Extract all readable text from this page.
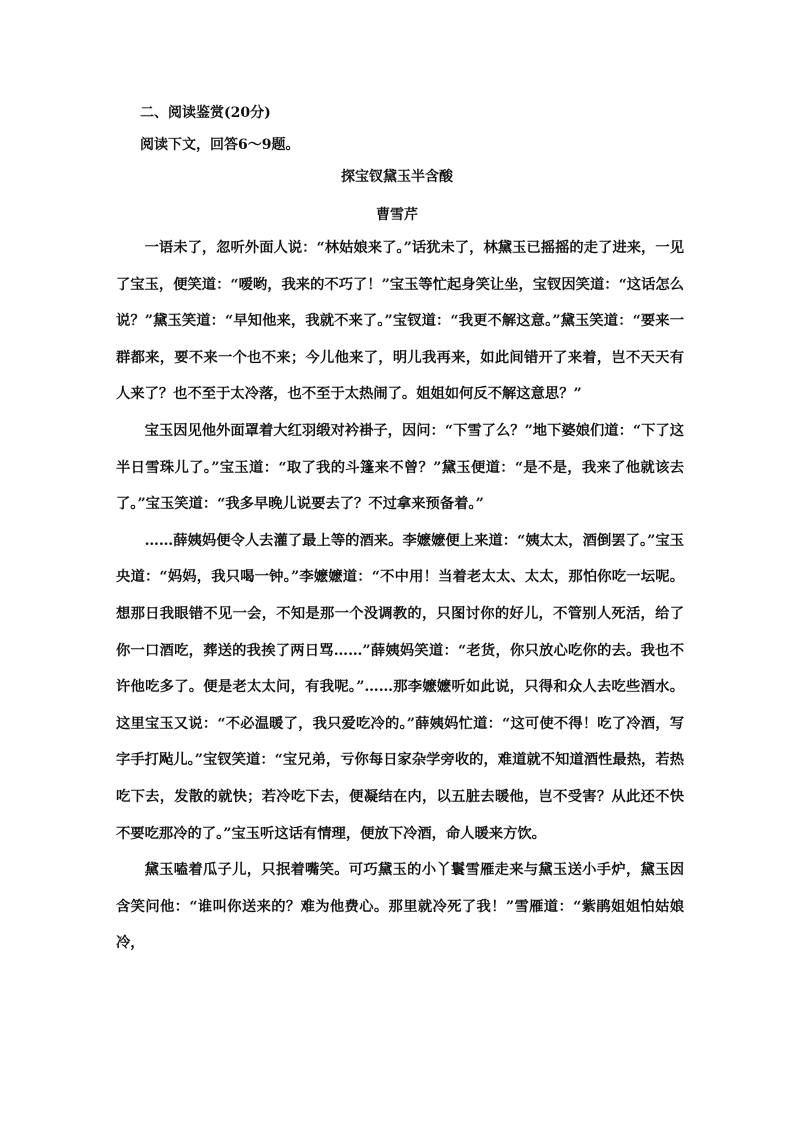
二、阅读鉴赏(20分)
阅读下文，回答6～9题。
探宝钗黛玉半含酸
曹雪芹

一语未了，忽听外面人说：“林姑娘来了。”话犹未了，林黛玉已摇摇的走了进来，一见了宝玉，便笑道：“嗳哟，我来的不巧了！”宝玉等忙起身笑让坐，宝钗因笑道：“这话怎么说？”黛玉笑道：“早知他来，我就不来了。”宝钗道：“我更不解这意。”黛玉笑道：“要来一群都来，要不来一个也不来；今儿他来了，明儿我再来，如此间错开了来着，岂不天天有人来了？也不至于太冷落，也不至于太热闹了。姐姐如何反不解这意思？”

宝玉因见他外面罩着大红羽缎对衿褂子，因问：“下雪了么？”地下婆娘们道：“下了这半日雪珠儿了。”宝玉道：“取了我的斗篷来不曾？”黛玉便道：“是不是，我来了他就该去了。”宝玉笑道：“我多早晚儿说要去了？不过拿来预备着。”

……薛姨妈便令人去灌了最上等的酒来。李嬷嬷便上来道：“姨太太，酒倒罢了。”宝玉央道：“妈妈，我只喝一钟。”李嬷嬷道：“不中用！当着老太太、太太，那怕你吃一坛呢。想那日我眼错不见一会，不知是那一个没调教的，只图讨你的好儿，不管别人死活，给了你一口酒吃，葬送的我挨了两日骂……”薛姨妈笑道：“老货，你只放心吃你的去。我也不许他吃多了。便是老太太问，有我呢。”……那李嬷嬷听如此说，只得和众人去吃些酒水。这里宝玉又说：“不必温暖了，我只爱吃冷的。”薛姨妈忙道：“这可使不得！吃了冷酒，写字手打飐儿。”宝钗笑道：“宝兄弟，亏你每日家杂学旁收的，难道就不知道酒性最热，若热吃下去，发散的就快；若冷吃下去，便凝结在内，以五脏去暖他，岂不受害？从此还不快不要吃那冷的了。”宝玉听这话有情理，便放下冷酒，命人暖来方饮。

黛玉嗑着瓜子儿，只抿着嘴笑。可巧黛玉的小丫鬟雪雁走来与黛玉送小手炉，黛玉因含笑问他：“谁叫你送来的？难为他费心。那里就冷死了我！”雪雁道：“紫鹃姐姐怕姑娘冷，
